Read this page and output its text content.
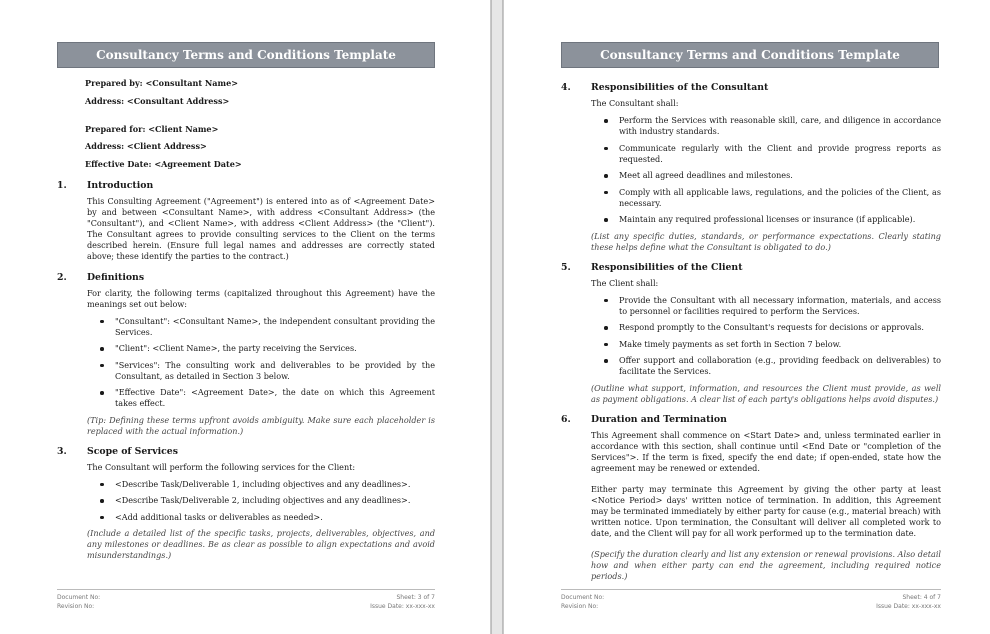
Consultancy Terms and Conditions Template
Prepared by: <Consultant Name>
Address: <Consultant Address>
Prepared for: <Client Name>
Address: <Client Address>
Effective Date: <Agreement Date>
1.	Introduction
This Consulting Agreement ("Agreement") is entered into as of <Agreement Date> by and between <Consultant Name>, with address <Consultant Address> (the "Consultant"), and <Client Name>, with address <Client Address> (the "Client"). The Consultant agrees to provide consulting services to the Client on the terms described herein. (Ensure full legal names and addresses are correctly stated above; these identify the parties to the contract.)
2.	Definitions
For clarity, the following terms (capitalized throughout this Agreement) have the meanings set out below:
"Consultant": <Consultant Name>, the independent consultant providing the Services.
"Client": <Client Name>, the party receiving the Services.
"Services": The consulting work and deliverables to be provided by the Consultant, as detailed in Section 3 below.
"Effective Date": <Agreement Date>, the date on which this Agreement takes effect.
(Tip: Defining these terms upfront avoids ambiguity. Make sure each placeholder is replaced with the actual information.)
3.	Scope of Services
The Consultant will perform the following services for the Client:
<Describe Task/Deliverable 1, including objectives and any deadlines>.
<Describe Task/Deliverable 2, including objectives and any deadlines>.
<Add additional tasks or deliverables as needed>.
(Include a detailed list of the specific tasks, projects, deliverables, objectives, and any milestones or deadlines. Be as clear as possible to align expectations and avoid misunderstandings.)
Document No:	Sheet: 3 of 7
Revision No:	Issue Date: xx-xxx-xx
Consultancy Terms and Conditions Template
4.	Responsibilities of the Consultant
The Consultant shall:
Perform the Services with reasonable skill, care, and diligence in accordance with industry standards.
Communicate regularly with the Client and provide progress reports as requested.
Meet all agreed deadlines and milestones.
Comply with all applicable laws, regulations, and the policies of the Client, as necessary.
Maintain any required professional licenses or insurance (if applicable).
(List any specific duties, standards, or performance expectations. Clearly stating these helps define what the Consultant is obligated to do.)
5.	Responsibilities of the Client
The Client shall:
Provide the Consultant with all necessary information, materials, and access to personnel or facilities required to perform the Services.
Respond promptly to the Consultant's requests for decisions or approvals.
Make timely payments as set forth in Section 7 below.
Offer support and collaboration (e.g., providing feedback on deliverables) to facilitate the Services.
(Outline what support, information, and resources the Client must provide, as well as payment obligations. A clear list of each party's obligations helps avoid disputes.)
6.	Duration and Termination
This Agreement shall commence on <Start Date> and, unless terminated earlier in accordance with this section, shall continue until <End Date or "completion of the Services">. If the term is fixed, specify the end date; if open-ended, state how the agreement may be renewed or extended.
Either party may terminate this Agreement by giving the other party at least <Notice Period> days' written notice of termination. In addition, this Agreement may be terminated immediately by either party for cause (e.g., material breach) with written notice. Upon termination, the Consultant will deliver all completed work to date, and the Client will pay for all work performed up to the termination date.
(Specify the duration clearly and list any extension or renewal provisions. Also detail how and when either party can end the agreement, including required notice periods.)
Document No:	Sheet: 4 of 7
Revision No:	Issue Date: xx-xxx-xx
